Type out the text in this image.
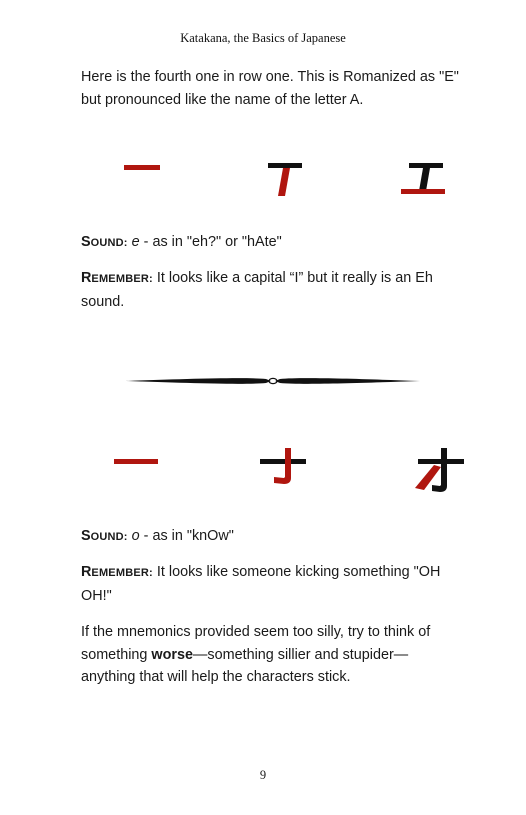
Katakana, the Basics of Japanese
Here is the fourth one in row one. This is Romanized as "E" but pronounced like the name of the letter A.
SOUND: e - as in "eh?" or "hAte"
REMEMBER: It looks like a capital “I” but it really is an Eh sound.
SOUND: o - as in "knOw"
REMEMBER: It looks like someone kicking something "OH OH!"
If the mnemonics provided seem too silly, try to think of something worse—something sillier and stupider—anything that will help the characters stick.
9
